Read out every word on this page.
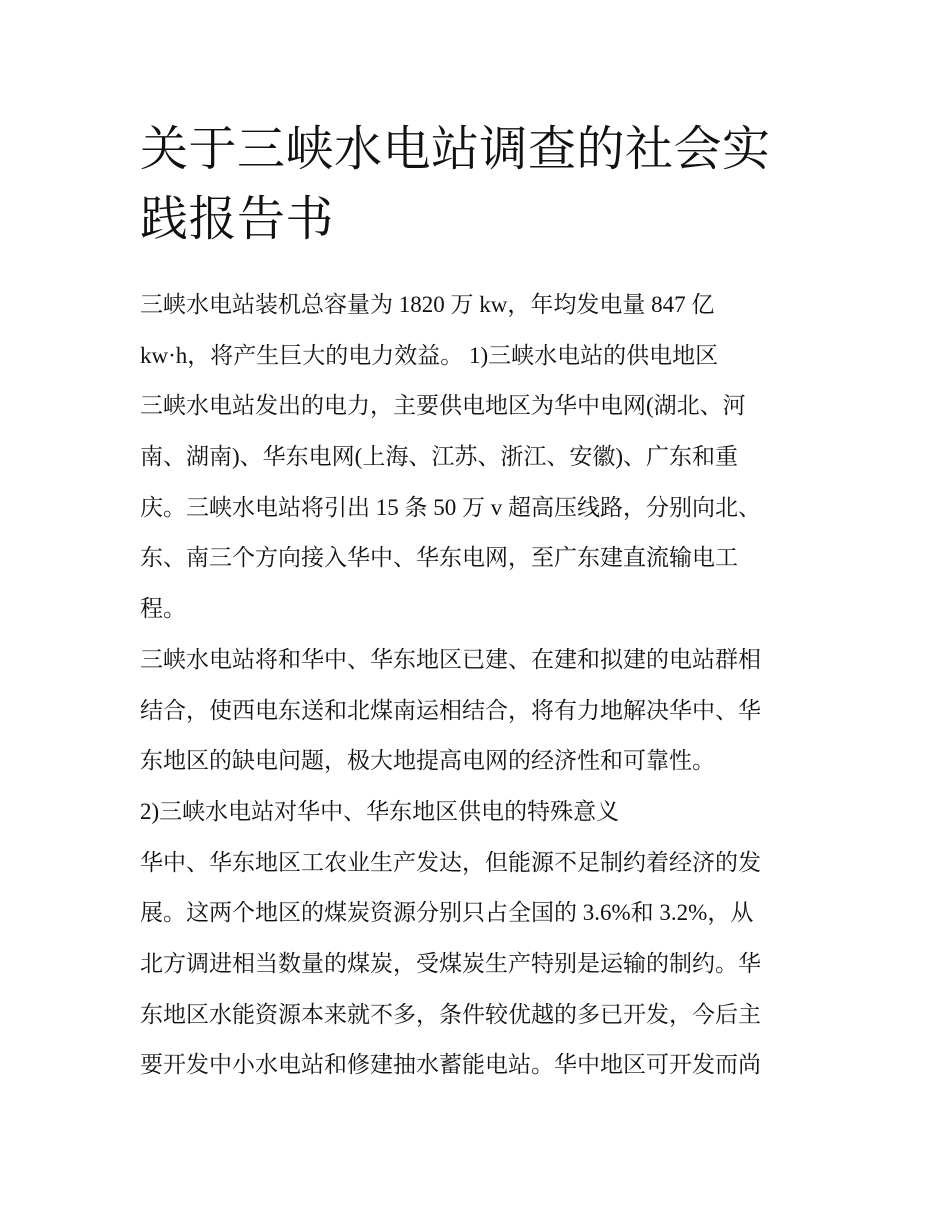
关于三峡水电站调查的社会实
践报告书
三峡水电站装机总容量为 1820 万 kw，年均发电量 847 亿
kw·h，将产生巨大的电力效益。 1)三峡水电站的供电地区
三峡水电站发出的电力，主要供电地区为华中电网(湖北、河
南、湖南)、华东电网(上海、江苏、浙江、安徽)、广东和重
庆。三峡水电站将引出 15 条 50 万 v 超高压线路，分别向北、
东、南三个方向接入华中、华东电网，至广东建直流输电工
程。
三峡水电站将和华中、华东地区已建、在建和拟建的电站群相
结合，使西电东送和北煤南运相结合，将有力地解决华中、华
东地区的缺电问题，极大地提高电网的经济性和可靠性。
2)三峡水电站对华中、华东地区供电的特殊意义
华中、华东地区工农业生产发达，但能源不足制约着经济的发
展。这两个地区的煤炭资源分别只占全国的 3.6%和 3.2%，从
北方调进相当数量的煤炭，受煤炭生产特别是运输的制约。华
东地区水能资源本来就不多，条件较优越的多已开发，今后主
要开发中小水电站和修建抽水蓄能电站。华中地区可开发而尚
